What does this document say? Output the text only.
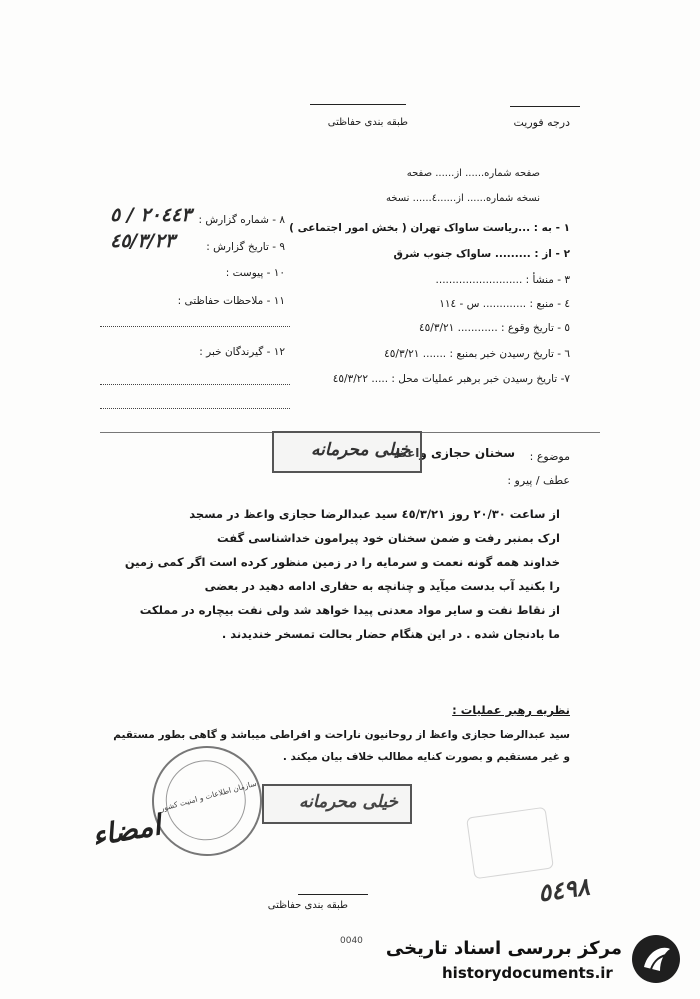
درجه فوریت
طبقه بندی حفاظتی
صفحه شماره...... از...... صفحه
نسخه شماره...... از......٤...... نسخه
١ - به : ...ریاست ساواک تهران ( بخش امور اجتماعی )
٢ - از : ......... ساواک جنوب شرق
٣ - منشأ : ..........................
٤ - منبع : ............. س - ١١٤
٥ - تاریخ وقوع : ............ ٤٥/٣/٢١
٦ - تاریخ رسیدن خبر بمنبع : ....... ٤٥/٣/٢١
٧- تاریخ رسیدن خبر برهبر عملیات محل : ..... ٤٥/٣/٢٢
٨ - شماره گزارش :
٢٠٤٤٣ / ٥
٩ - تاریخ گزارش :
٤٥/٣/٢٣
١٠ - پیوست :
١١ - ملاحظات حفاظتی :
١٢ - گیرندگان خبر :
موضوع :
سخنان حجازی واعظ
عطف / پیرو :
خیلی محرمانه
از ساعت ٢٠/٣٠ روز ٤٥/٣/٢١ سید عبدالرضا حجازی واعظ در مسجد
ارک بمنبر رفت و ضمن سخنان خود پیرامون خداشناسی گفت
خداوند همه گونه نعمت و سرمایه را در زمین منظور کرده است اگر کمی زمین
را بکنید آب بدست میآید و چنانچه به حفاری ادامه دهید در بعضی
از نقاط نفت و سایر مواد معدنی پیدا خواهد شد ولی نفت بیچاره در مملکت
ما بادنجان شده . در این هنگام حضار بحالت تمسخر خندیدند .
نظریه رهبر عملیات :
سید عبدالرضا حجازی واعظ از روحانیون ناراحت و افراطی میباشد و گاهی بطور مستقیم
و غیر مستقیم و بصورت کنایه مطالب خلاف بیان میکند .
سازمان اطلاعات و امنیت کشور خیلی محرمانه
امضاء
٥٤٩٨
طبقه بندی حفاظتی
0040 مرکز بررسی اسناد تاریخی
historydocuments.ir
